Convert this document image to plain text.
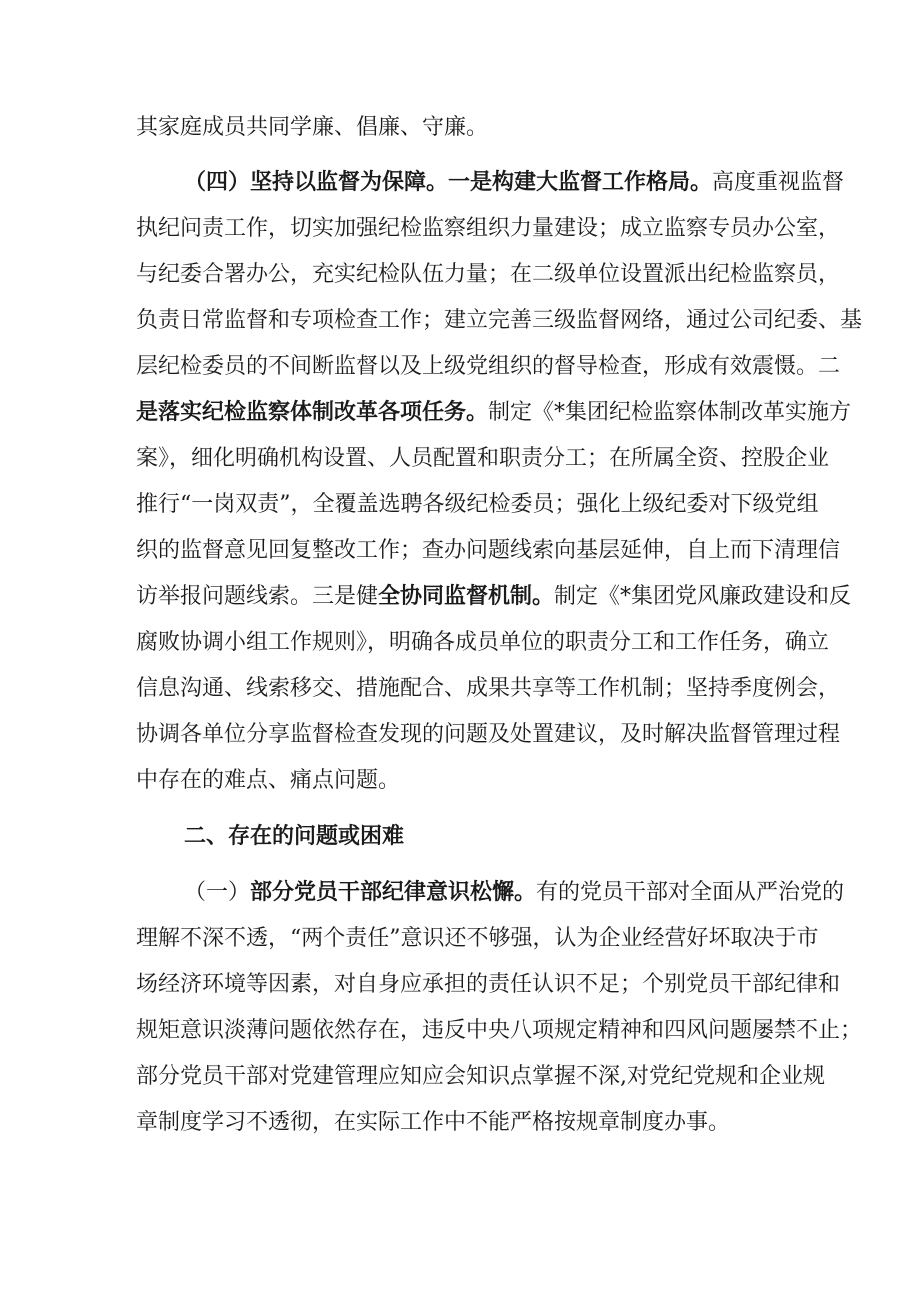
其家庭成员共同学廉、倡廉、守廉。
（四）坚持以监督为保障。一是构建大监督工作格局。高度重视监督
执纪问责工作，切实加强纪检监察组织力量建设；成立监察专员办公室，
与纪委合署办公，充实纪检队伍力量；在二级单位设置派出纪检监察员，
负责日常监督和专项检查工作；建立完善三级监督网络，通过公司纪委、基
层纪检委员的不间断监督以及上级党组织的督导检查，形成有效震慑。二
是落实纪检监察体制改革各项任务。制定《*集团纪检监察体制改革实施方
案》，细化明确机构设置、人员配置和职责分工；在所属全资、控股企业
推行“一岗双责”，全覆盖选聘各级纪检委员；强化上级纪委对下级党组
织的监督意见回复整改工作；查办问题线索向基层延伸，自上而下清理信
访举报问题线索。三是健全协同监督机制。制定《*集团党风廉政建设和反
腐败协调小组工作规则》，明确各成员单位的职责分工和工作任务，确立
信息沟通、线索移交、措施配合、成果共享等工作机制；坚持季度例会，
协调各单位分享监督检查发现的问题及处置建议，及时解决监督管理过程
中存在的难点、痛点问题。
二、存在的问题或困难
（一）部分党员干部纪律意识松懈。有的党员干部对全面从严治党的
理解不深不透，“两个责任”意识还不够强，认为企业经营好坏取决于市
场经济环境等因素，对自身应承担的责任认识不足；个别党员干部纪律和
规矩意识淡薄问题依然存在，违反中央八项规定精神和四风问题屡禁不止；
部分党员干部对党建管理应知应会知识点掌握不深,对党纪党规和企业规
章制度学习不透彻，在实际工作中不能严格按规章制度办事。
